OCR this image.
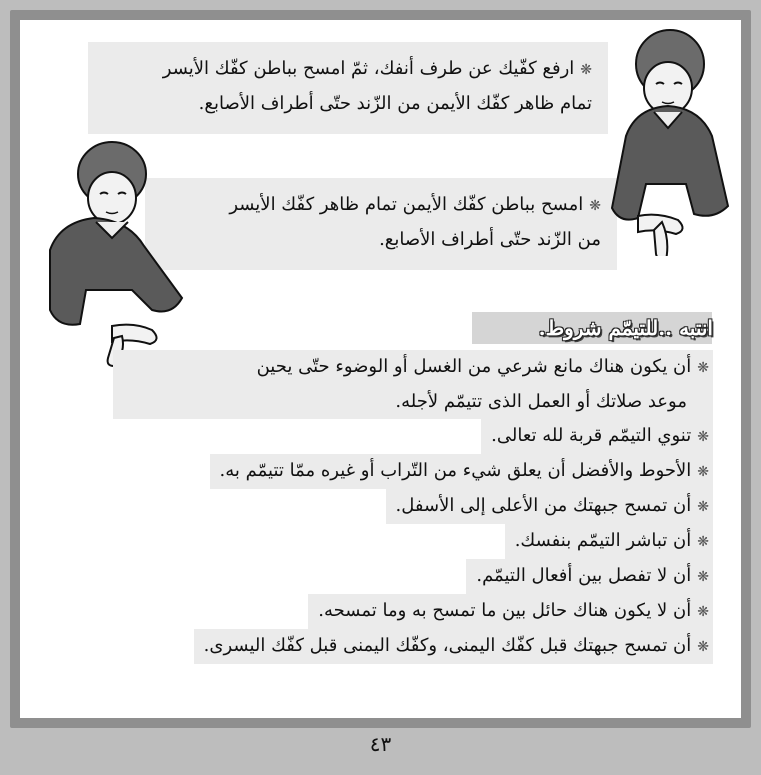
❋ارفع كفّيك عن طرف أنفك، ثمّ امسح بباطن كفّك الأيسر
تمام ظاهر كفّك الأيمن من الزّند حتّى أطراف الأصابع.
❋امسح بباطن كفّك الأيمن تمام ظاهر كفّك الأيسر
من الزّند حتّى أطراف الأصابع.
انتبه ..للتيمّم شروط.
❋أن يكون هناك مانع شرعي من الغسل أو الوضوء حتّى يحين
موعد صلاتك أو العمل الذى تتيمّم لأجله.
❋تنوي التيمّم قربة لله تعالى.
❋الأحوط والأفضل أن يعلق شيء من التّراب أو غيره ممّا تتيمّم به.
❋أن تمسح جبهتك من الأعلى إلى الأسفل.
❋أن تباشر التيمّم بنفسك.
❋أن لا تفصل بين أفعال التيمّم.
❋أن لا يكون هناك حائل بين ما تمسح به وما تمسحه.
❋أن تمسح جبهتك قبل كفّك اليمنى، وكفّك اليمنى قبل كفّك اليسرى.
٤٣
